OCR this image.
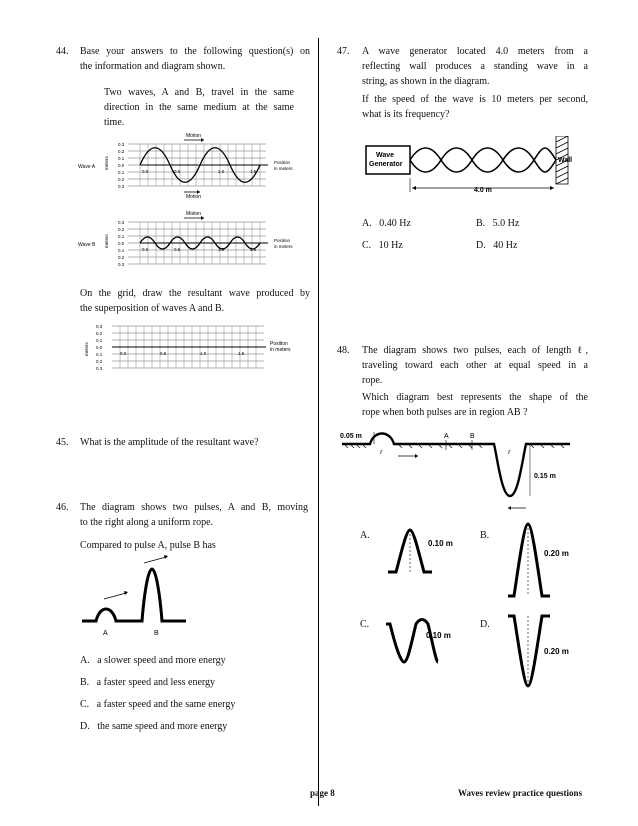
44. Base your answers to the following question(s) on
the information and diagram shown.
Two waves, A and B, travel in the same
direction in the same medium at the same
time.
Motion
Wave A meters	Position
in meters
0.3
0.2
0.1
0.0
0.1
0.2
0.3
0.0	0.5	1.0	1.5
Motion
Motion
Wave B meters	Position
in meters
0.3
0.2
0.1
0.0
0.1
0.2
0.3
0.0	0.5	1.0	1.5
On the grid, draw the resultant wave produced by
the superposition of waves A and B.
meters	Position
in meters
0.3
0.2
0.1
0.0
0.1
0.2
0.3
0.0	0.5	1.0	1.5
45. What is the amplitude of the resultant wave?
46. The diagram shows two pulses, A and B, moving
to the right along a uniform rope.
Compared to pulse A, pulse B has
A	B
A. a slower speed and more energy
B. a faster speed and less energy
C. a faster speed and the same energy
D. the same speed and more energy
47. A wave generator located 4.0 meters from a
reflecting wall produces a standing wave in a
string, as shown in the diagram.
If the speed of the wave is 10 meters per second,
what is its frequency?
Wave
Generator
Wall
4.0 m
A. 0.40 Hz	B. 5.0 Hz
C. 10 Hz	D. 40 Hz
48. The diagram shows two pulses, each of length ℓ,
traveling toward each other at equal speed in a
rope.
Which diagram best represents the shape of the
rope when both pulses are in region AB ?
0.05 m	A	B
ℓ	ℓ
0.15 m
A.
0.10 m
B.
0.20 m
C.
0.10 m
D.
0.20 m
page 8	Waves review practice questions
